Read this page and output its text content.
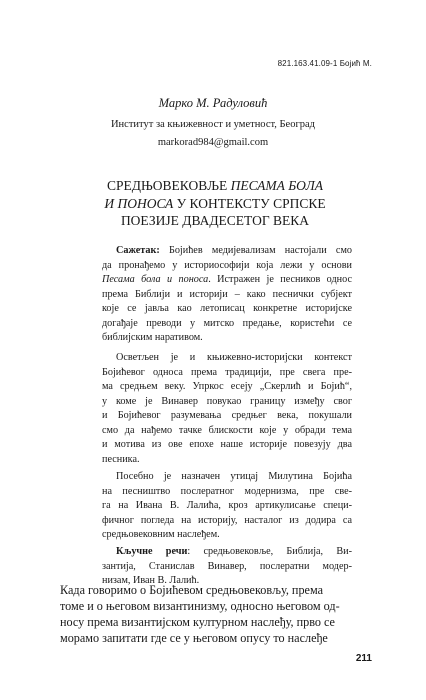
821.163.41.09-1 Бојић М.
Марко М. Радуловић
Институт за књижевност и уметност, Београд
markorad984@gmail.com
СРЕДЊОВЕКОВЉЕ ПЕСАМА БОЛА
И ПОНОСА У КОНТЕКСТУ СРПСКЕ
ПОЕЗИЈЕ ДВАДЕСЕТОГ ВЕКА
Сажетак: Бојићев медијевализам настојали смо
да пронађемо у историософији која лежи у основи
Песама бола и поноса. Истражен је песников однос
према Библији и историји – како песнички субјект
које се јавља као летописац конкретне историјске
догађаје преводи у митско предање, користећи се
библијским наративом.
Осветљен је и књижевно-историјски контекст
Бојићевог односа према традицији, пре свега пре-
ма средњем веку. Упркос есеју „Скерлић и Бојић“,
у коме је Винавер повукао границу између свог
и Бојићевог разумевања средњег века, покушали
смо да нађемо тачке блискости које у обради тема
и мотива из ове епохе наше историје повезују два
песника.
Посебно је назначен утицај Милутина Бојића
на песништво послератног модернизма, пре све-
га на Ивана В. Лалића, кроз артикулисање специ-
фичног погледа на историју, насталог из додира са
средњовековним наслеђем.
Кључне речи: средњовековље, Библија, Ви-
зантија, Станислав Винавер, послератни модер-
низам, Иван В. Лалић.
Када говоримо о Бојићевом средњовековљу, према
томе и о његовом византинизму, односно његовом од-
носу према византијском културном наслеђу, прво се
морамо запитати где се у његовом опусу то наслеђе
211
